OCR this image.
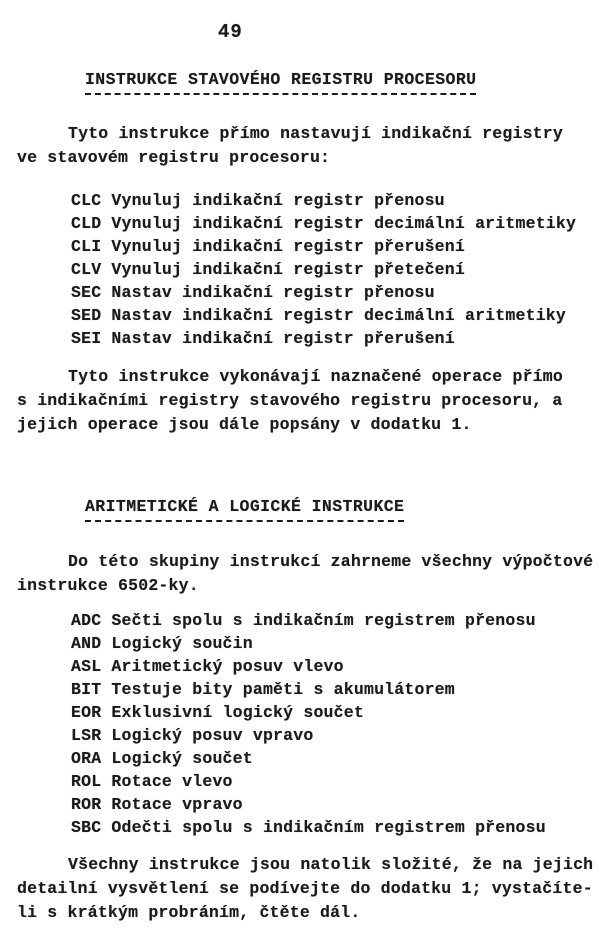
49
INSTRUKCE STAVOVÉHO REGISTRU PROCESORU

Tyto instrukce přímo nastavují indikační registry
ve stavovém registru procesoru:

CLC Vynuluj indikační registr přenosu
CLD Vynuluj indikační registr decimální aritmetiky
CLI Vynuluj indikační registr přerušení
CLV Vynuluj indikační registr přetečení
SEC Nastav indikační registr přenosu
SED Nastav indikační registr decimální aritmetiky
SEI Nastav indikační registr přerušení

Tyto instrukce vykonávají naznačené operace přímo
s indikačními registry stavového registru procesoru, a
jejich operace jsou dále popsány v dodatku 1.

ARITMETICKÉ A LOGICKÉ INSTRUKCE

Do této skupiny instrukcí zahrneme všechny výpočtové
instrukce 6502-ky.

ADC Sečti spolu s indikačním registrem přenosu
AND Logický součin
ASL Aritmetický posuv vlevo
BIT Testuje bity paměti s akumulátorem
EOR Exklusivní logický součet
LSR Logický posuv vpravo
ORA Logický součet
ROL Rotace vlevo
ROR Rotace vpravo
SBC Odečti spolu s indikačním registrem přenosu

Všechny instrukce jsou natolik složité, že na jejich
detailní vysvětlení se podívejte do dodatku 1; vystačíte-
li s krátkým probráním, čtěte dál.
